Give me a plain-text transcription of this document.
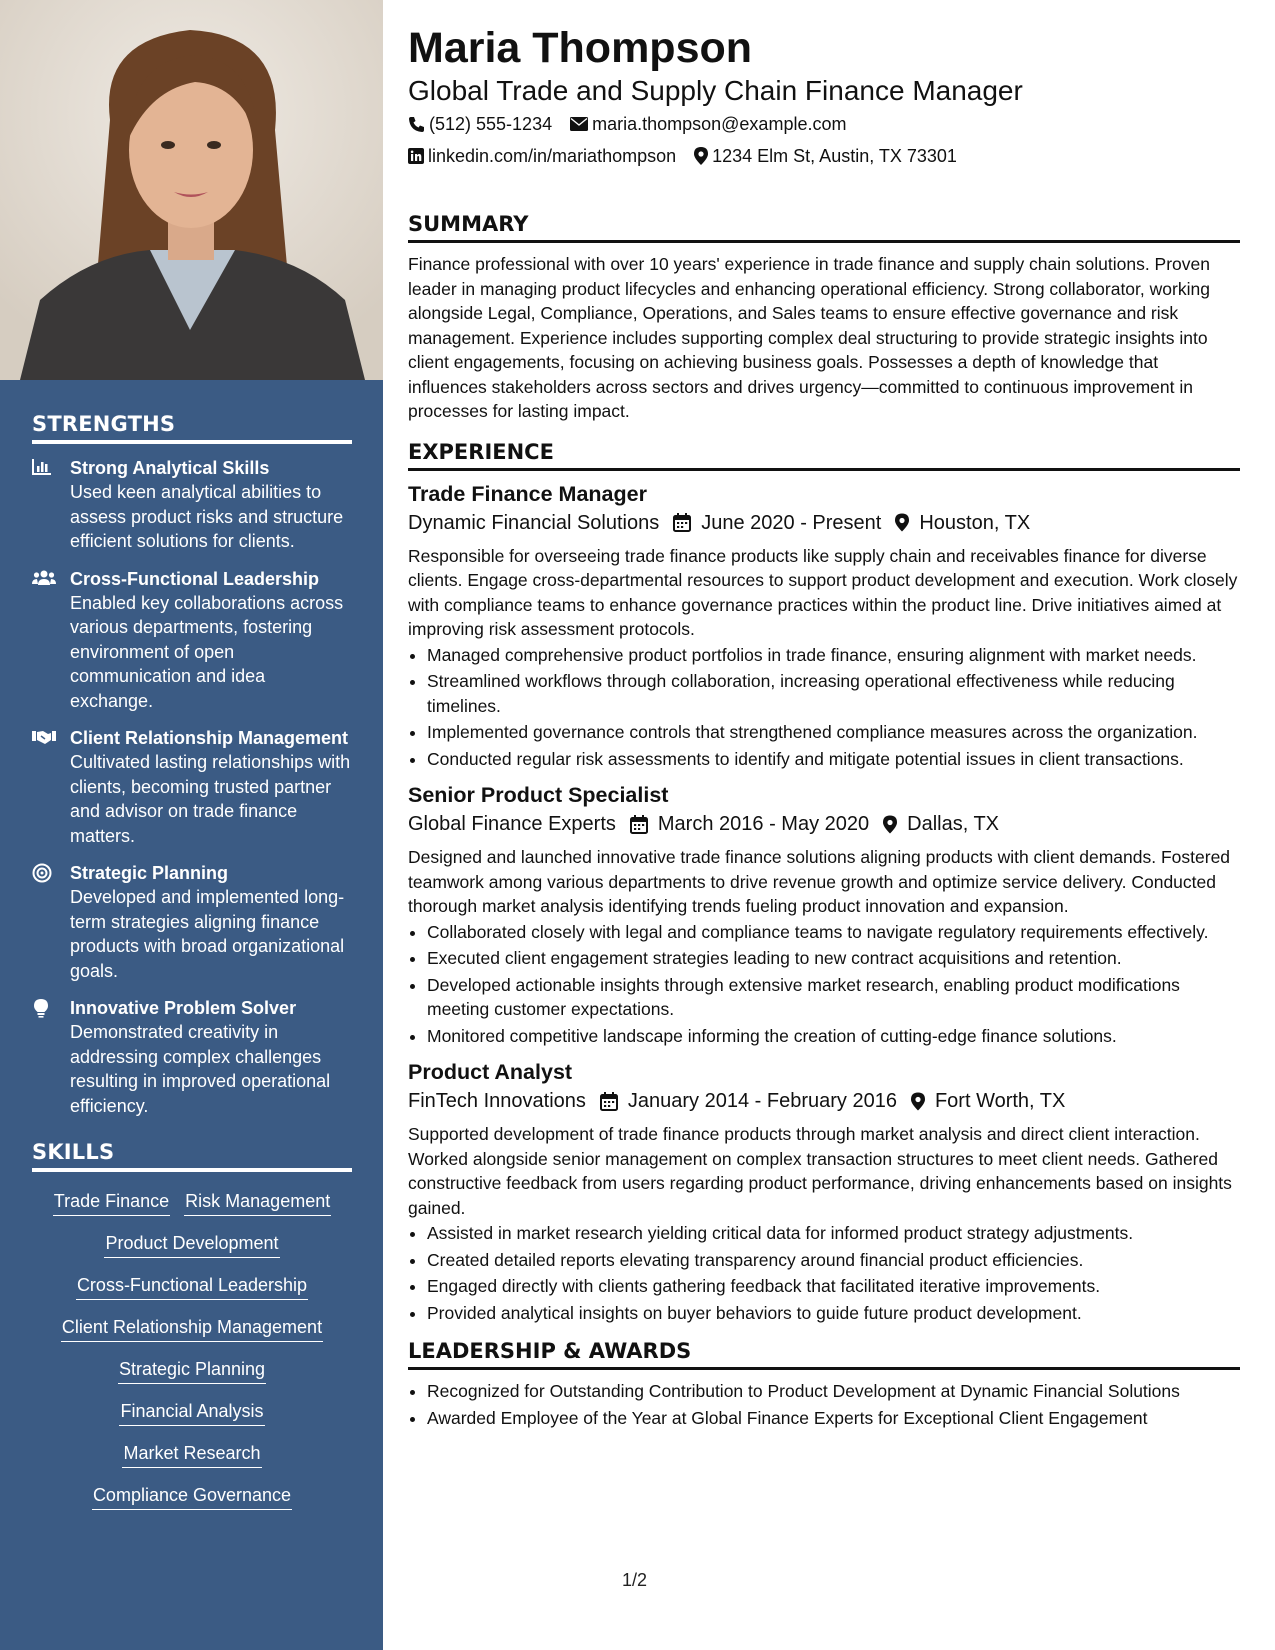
STRENGTHS
Strong Analytical Skills
Used keen analytical abilities to assess product risks and structure efficient solutions for clients.
Cross-Functional Leadership
Enabled key collaborations across various departments, fostering environment of open communication and idea exchange.
Client Relationship Management
Cultivated lasting relationships with clients, becoming trusted partner and advisor on trade finance matters.
Strategic Planning
Developed and implemented long-term strategies aligning finance products with broad organizational goals.
Innovative Problem Solver
Demonstrated creativity in addressing complex challenges resulting in improved operational efficiency.
SKILLS
Trade Finance Risk Management
Product Development
Cross-Functional Leadership
Client Relationship Management
Strategic Planning
Financial Analysis
Market Research
Compliance Governance
Maria Thompson
Global Trade and Supply Chain Finance Manager
(512) 555-1234 maria.thompson@example.com
linkedin.com/in/mariathompson 1234 Elm St, Austin, TX 73301
SUMMARY
Finance professional with over 10 years' experience in trade finance and supply chain solutions. Proven leader in managing product lifecycles and enhancing operational efficiency. Strong collaborator, working alongside Legal, Compliance, Operations, and Sales teams to ensure effective governance and risk management. Experience includes supporting complex deal structuring to provide strategic insights into client engagements, focusing on achieving business goals. Possesses a depth of knowledge that influences stakeholders across sectors and drives urgency—committed to continuous improvement in processes for lasting impact.
EXPERIENCE
Trade Finance Manager
Dynamic Financial Solutions June 2020 - Present Houston, TX
Responsible for overseeing trade finance products like supply chain and receivables finance for diverse clients. Engage cross-departmental resources to support product development and execution. Work closely with compliance teams to enhance governance practices within the product line. Drive initiatives aimed at improving risk assessment protocols.
• Managed comprehensive product portfolios in trade finance, ensuring alignment with market needs.
• Streamlined workflows through collaboration, increasing operational effectiveness while reducing timelines.
• Implemented governance controls that strengthened compliance measures across the organization.
• Conducted regular risk assessments to identify and mitigate potential issues in client transactions.
Senior Product Specialist
Global Finance Experts March 2016 - May 2020 Dallas, TX
Designed and launched innovative trade finance solutions aligning products with client demands. Fostered teamwork among various departments to drive revenue growth and optimize service delivery. Conducted thorough market analysis identifying trends fueling product innovation and expansion.
• Collaborated closely with legal and compliance teams to navigate regulatory requirements effectively.
• Executed client engagement strategies leading to new contract acquisitions and retention.
• Developed actionable insights through extensive market research, enabling product modifications meeting customer expectations.
• Monitored competitive landscape informing the creation of cutting-edge finance solutions.
Product Analyst
FinTech Innovations January 2014 - February 2016 Fort Worth, TX
Supported development of trade finance products through market analysis and direct client interaction. Worked alongside senior management on complex transaction structures to meet client needs. Gathered constructive feedback from users regarding product performance, driving enhancements based on insights gained.
• Assisted in market research yielding critical data for informed product strategy adjustments.
• Created detailed reports elevating transparency around financial product efficiencies.
• Engaged directly with clients gathering feedback that facilitated iterative improvements.
• Provided analytical insights on buyer behaviors to guide future product development.
LEADERSHIP & AWARDS
• Recognized for Outstanding Contribution to Product Development at Dynamic Financial Solutions
• Awarded Employee of the Year at Global Finance Experts for Exceptional Client Engagement
1/2
